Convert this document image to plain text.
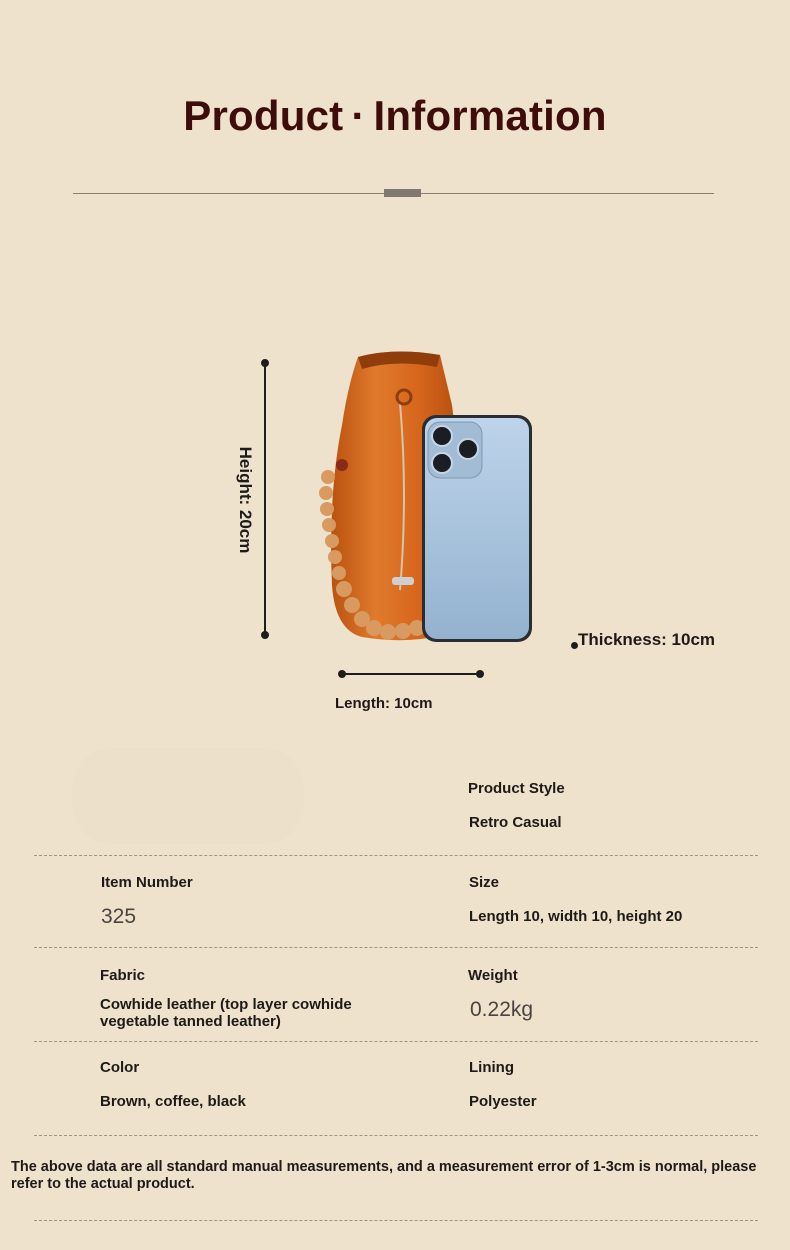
Product · Information
Height: 20cm
Length: 10cm
Thickness: 10cm
Product Style
Retro Casual
Item Number
325
Size
Length 10, width 10, height 20
Fabric
Cowhide leather (top layer cowhide
vegetable tanned leather)
Weight
0.22kg
Color
Brown, coffee, black
Lining
Polyester
The above data are all standard manual measurements, and a measurement error of 1-3cm is normal, please refer to the actual product.
